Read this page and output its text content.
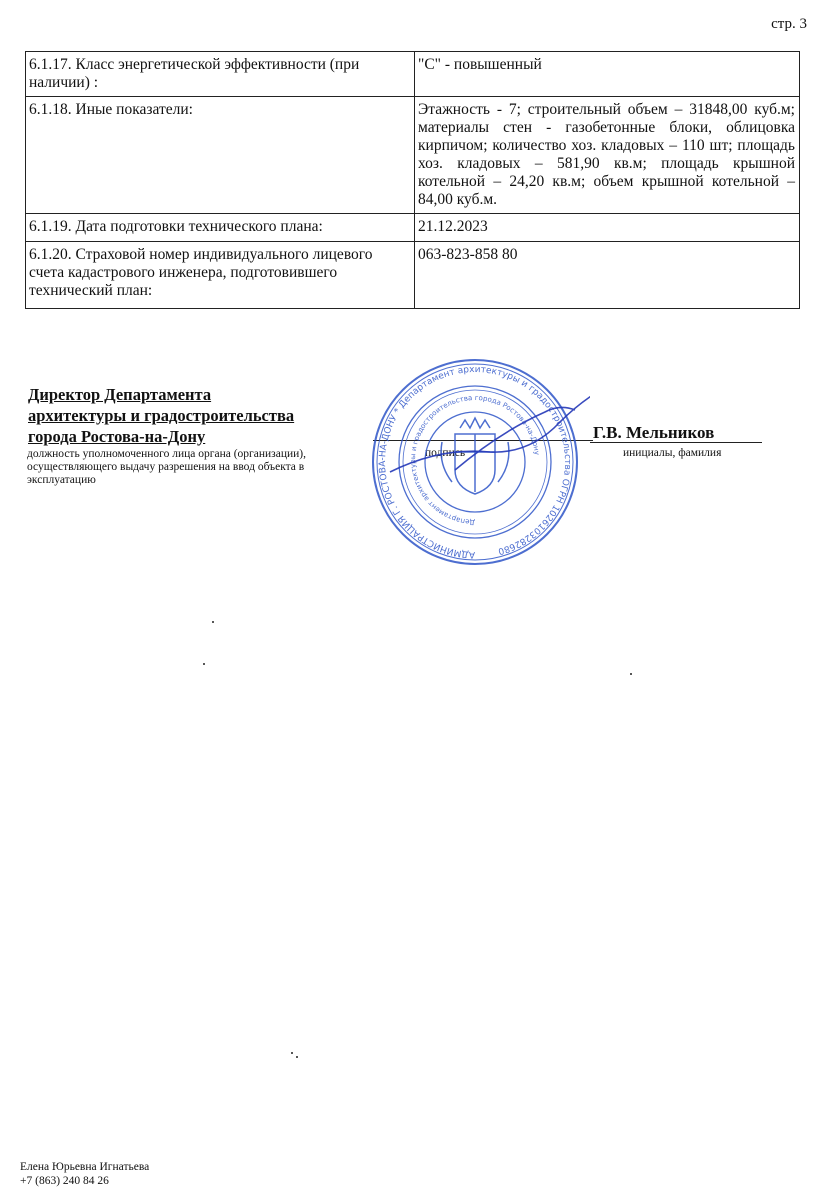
стр. 3
6.1.17. Класс энергетической эффективности (при наличии) :	"С" - повышенный
6.1.18. Иные показатели:	Этажность - 7; строительный объем – 31848,00 куб.м; материалы стен - газобетонные блоки, облицовка кирпичом; количество хоз. кладовых – 110 шт; площадь хоз. кладовых – 581,90 кв.м; площадь крышной котельной – 24,20 кв.м; объем крышной котельной – 84,00 куб.м.
6.1.19. Дата подготовки технического плана:	21.12.2023
6.1.20. Страховой номер индивидуального лицевого счета кадастрового инженера, подготовившего технический план:	063-823-858 80
Директор Департамента
архитектуры и градостроительства
города Ростова-на-Дону
должность уполномоченного лица органа (организации), осуществляющего выдачу разрешения на ввод объекта в эксплуатацию
подпись
Г.В. Мельников
инициалы, фамилия
АДМИНИСТРАЦИЯ Г. РОСТОВА-НА-ДОНУ * Департамент архитектуры и градостроительства ОГРН 1026103282680
Департамент архитектуры и градостроительства города Ростова-на-Дону
Елена Юрьевна Игнатьева
+7 (863) 240 84 26
